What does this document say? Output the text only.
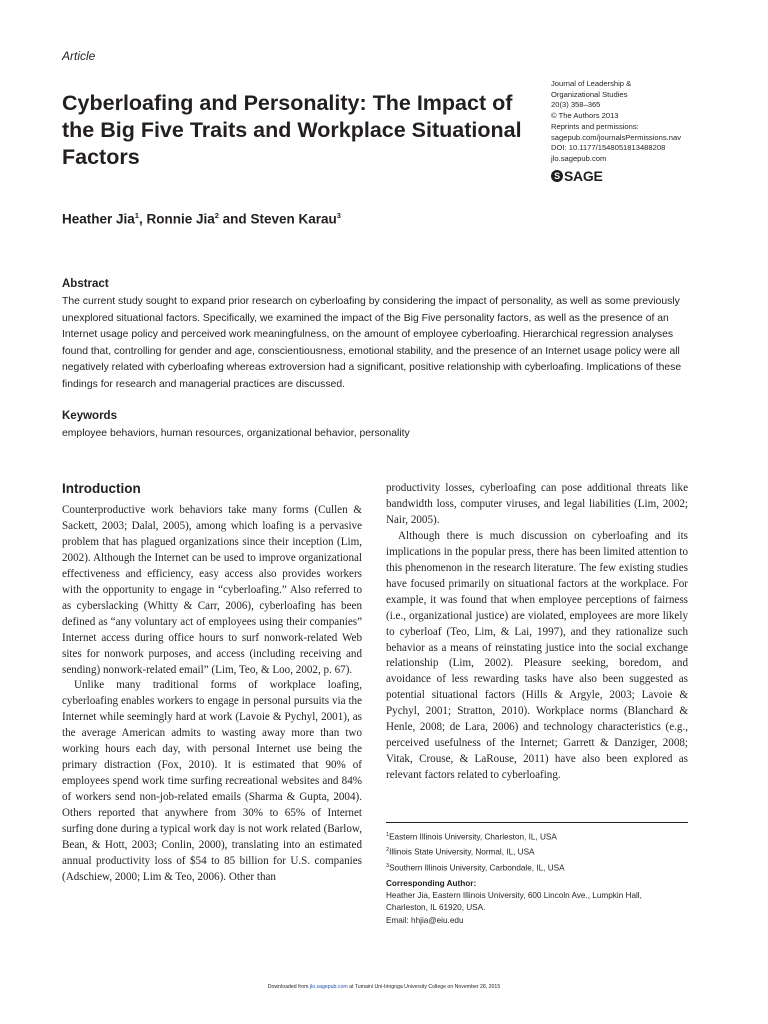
Article
Cyberloafing and Personality: The Impact of the Big Five Traits and Workplace Situational Factors
Journal of Leadership &
Organizational Studies
20(3) 358–365
© The Authors 2013
Reprints and permissions:
sagepub.com/journalsPermissions.nav
DOI: 10.1177/1548051813488208
jlo.sagepub.com
S SAGE
Heather Jia$^1$, Ronnie Jia$^2$ and Steven Karau$^3$
Abstract

The current study sought to expand prior research on cyberloafing by considering the impact of personality, as well as some previously unexplored situational factors. Specifically, we examined the impact of the Big Five personality factors, as well as the presence of an Internet usage policy and perceived work meaningfulness, on the amount of employee cyberloafing. Hierarchical regression analyses found that, controlling for gender and age, conscientiousness, emotional stability, and the presence of an Internet usage policy were all negatively related with cyberloafing whereas extroversion had a significant, positive relationship with cyberloafing. Implications of these findings for research and managerial practices are discussed.

Keywords
employee behaviors, human resources, organizational behavior, personality
Introduction

Counterproductive work behaviors take many forms (Cullen & Sackett, 2003; Dalal, 2005), among which loafing is a pervasive problem that has plagued organizations since their inception (Lim, 2002). Although the Internet can be used to improve organizational effectiveness and efficiency, easy access also provides workers with the opportunity to engage in “cyberloafing.” Also referred to as cyberslacking (Whitty & Carr, 2006), cyberloafing has been defined as “any voluntary act of employees using their companies” Internet access during office hours to surf nonwork-related Web sites for nonwork purposes, and access (including receiving and sending) nonwork-related email” (Lim, Teo, & Loo, 2002, p. 67).

Unlike many traditional forms of workplace loafing, cyberloafing enables workers to engage in personal pursuits via the Internet while seemingly hard at work (Lavoie & Pychyl, 2001), as the average American admits to wasting away more than two working hours each day, with personal Internet use being the primary distraction (Fox, 2010). It is estimated that 90% of employees spend work time surfing recreational websites and 84% of workers send non-job-related emails (Sharma & Gupta, 2004). Others reported that anywhere from 30% to 65% of Internet surfing done during a typical work day is not work related (Barlow, Bean, & Hott, 2003; Conlin, 2000), translating into an estimated annual productivity loss of $54 to 85 billion for U.S. companies (Adschiew, 2000; Lim & Teo, 2006). Other than

productivity losses, cyberloafing can pose additional threats like bandwidth loss, computer viruses, and legal liabilities (Lim, 2002; Nair, 2005).

Although there is much discussion on cyberloafing and its implications in the popular press, there has been limited attention to this phenomenon in the research literature. The few existing studies have focused primarily on situational factors at the workplace. For example, it was found that when employee perceptions of fairness (i.e., organizational justice) are violated, employees are more likely to cyberloaf (Teo, Lim, & Lai, 1997), and they rationalize such behavior as a means of reinstating justice into the social exchange relationship (Lim, 2002). Pleasure seeking, boredom, and avoidance of less rewarding tasks have also been suggested as potential situational factors (Hills & Argyle, 2003; Lavoie & Pychyl, 2001; Stratton, 2010). Workplace norms (Blanchard & Henle, 2008; de Lara, 2006) and technology characteristics (e.g., perceived usefulness of the Internet; Garrett & Danziger, 2008; Vitak, Crouse, & LaRouse, 2011) have also been explored as relevant factors related to cyberloafing.

$^1$Eastern Illinois University, Charleston, IL, USA
$^2$Illinois State University, Normal, IL, USA
$^3$Southern Illinois University, Carbondale, IL, USA
Corresponding Author:
Heather Jia, Eastern Illinois University, 600 Lincoln Ave., Lumpkin Hall,
Charleston, IL 61920, USA.
Email: hhjia@eiu.edu
Downloaded from jlo.sagepub.com at Tumaini Uni-Iringnga University College on November 28, 2015
